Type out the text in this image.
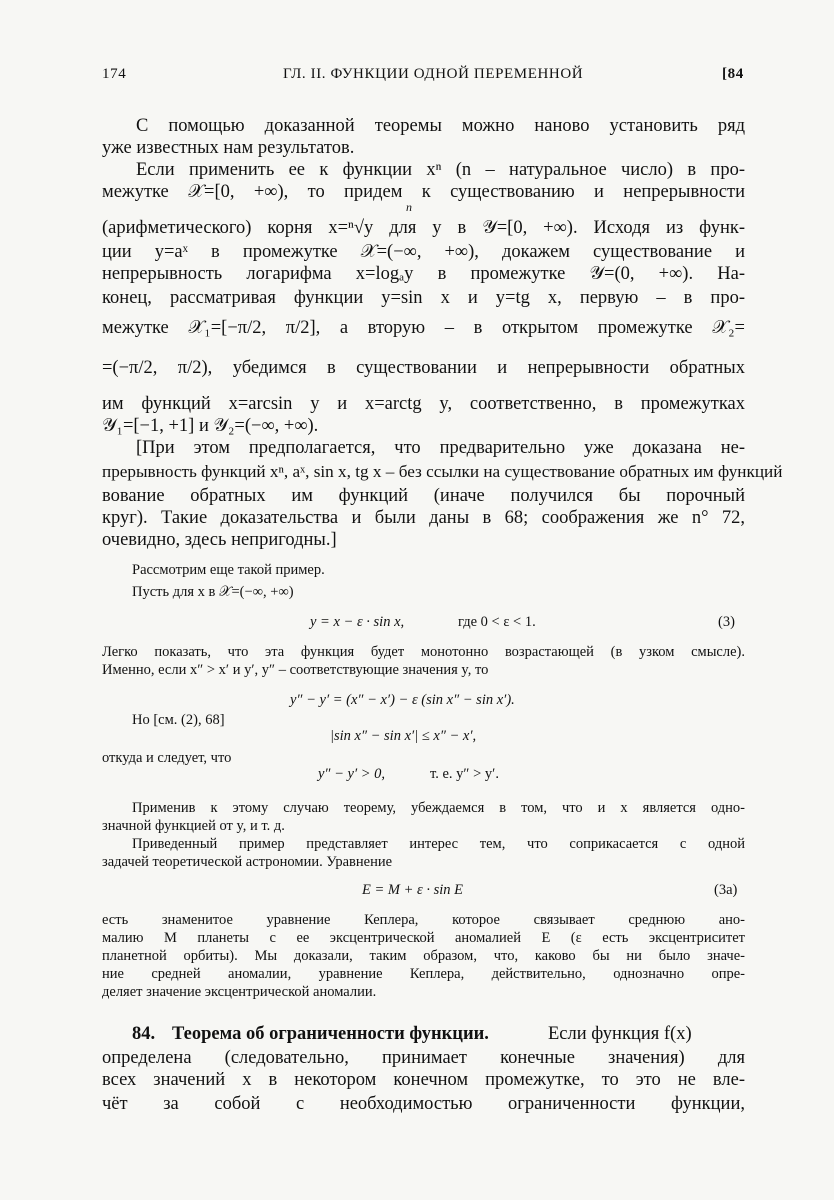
174	ГЛ. II. ФУНКЦИИ ОДНОЙ ПЕРЕМЕННОЙ	[84
С помощью доказанной теоремы можно наново установить ряд
уже известных нам результатов.
Если применить ее к функции xⁿ (n – натуральное число) в про-
межутке 𝒳=[0, +∞), то придем к существованию и непрерывности
n
(арифметического) корня x=ⁿ√y для y в 𝒴=[0, +∞). Исходя из функ-
ции y=aˣ в промежутке 𝒳=(−∞, +∞), докажем существование и
непрерывность логарифма x=logₐy в промежутке 𝒴=(0, +∞). На-
конец, рассматривая функции y=sin x и y=tg x, первую – в про-
межутке 𝒳₁=[−π/2, π/2], а вторую – в открытом промежутке 𝒳₂=
=(−π/2, π/2), убедимся в существовании и непрерывности обратных
им функций x=arcsin y и x=arctg y, соответственно, в промежутках
𝒴₁=[−1, +1] и 𝒴₂=(−∞, +∞).
[При этом предполагается, что предварительно уже доказана не-
прерывность функций xⁿ, aˣ, sin x, tg x – без ссылки на существование обратных им функций
вование обратных им функций (иначе получился бы порочный
круг). Такие доказательства и были даны в 68; соображения же n° 72,
очевидно, здесь непригодны.]
Рассмотрим еще такой пример.
Пусть для x в 𝒳=(−∞, +∞)
y = x − ε · sin x,	где 0 < ε < 1.	(3)
Легко показать, что эта функция будет монотонно возрастающей (в узком смысле).
Именно, если x″ > x′ и y′, y″ – соответствующие значения y, то
y″ − y′ = (x″ − x′) − ε (sin x″ − sin x′).
Но [см. (2), 68]
|sin x″ − sin x′| ≤ x″ − x′,
откуда и следует, что
y″ − y′ > 0,	т. е. y″ > y′.
Применив к этому случаю теорему, убеждаемся в том, что и x является одно-
значной функцией от y, и т. д.
Приведенный пример представляет интерес тем, что соприкасается с одной
задачей теоретической астрономии. Уравнение
E = M + ε · sin E	(3a)
есть знаменитое уравнение Кеплера, которое связывает среднюю ано-
малию M планеты с ее эксцентрической аномалией E (ε есть эксцентриситет
планетной орбиты). Мы доказали, таким образом, что, каково бы ни было значе-
ние средней аномалии, уравнение Кеплера, действительно, однозначно опре-
деляет значение эксцентрической аномалии.
84. Теорема об ограниченности функции.	Если функция f(x)
определена (следовательно, принимает конечные значения) для
всех значений x в некотором конечном промежутке, то это не вле-
чёт за собой с необходимостью ограниченности функции,
